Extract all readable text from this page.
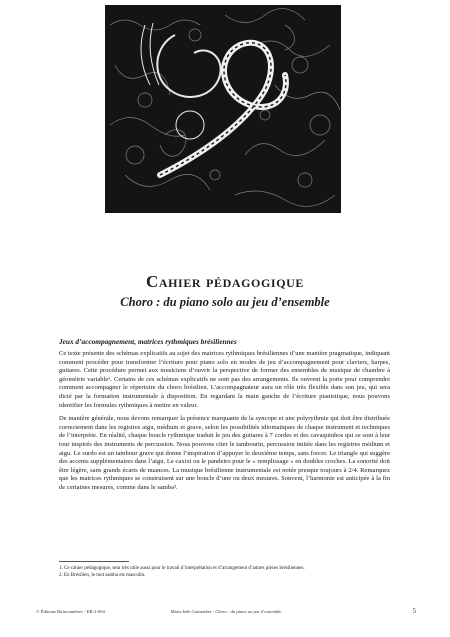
Cahier pédagogique
Choro : du piano solo au jeu d’ensemble
Jeux d’accompagnement, matrices rythmiques brésiliennes

Ce texte présente des schémas explicatifs au sujet des matrices rythmiques brésiliennes d’une manière pragmatique, indiquant comment procéder pour transformer l’écriture pour piano solo en modes de jeu d’accompagnement pour claviers, harpes, guitares. Cette procédure permet aux musiciens d’ouvrir la perspective de former des ensembles de musique de chambre à géométrie variable¹. Certains de ces schémas explicatifs ne sont pas des arrangements. Ils ouvrent la porte pour comprendre comment accompagner le répertoire du choro brésilien. L’accompagnateur aura un rôle très flexible dans son jeu, qui sera dicté par la formation instrumentale à disposition. En regardant la main gauche de l’écriture pianistique, nous pouvons identifier les formules rythmiques à mettre en valeur.

De manière générale, nous devons remarquer la présence marquante de la syncope et une polyrythmie qui doit être distribuée correctement dans les registres aigu, médium et grave, selon les possibilités idiomatiques de chaque instrument et techniques de l’interprète. En réalité, chaque boucle rythmique traduit le jeu des guitares à 7 cordes et des cavaquinhos qui se sont à leur tour inspirés des instruments de percussion. Nous pouvons citer le tambourin, percussion imitée dans les registres médium et aigu. Le surdo est un tambour grave qui donne l’inspiration d’appuyer le deuxième temps, sans forcer. Le triangle qui suggère des accents supplémentaires dans l’aigu. Le caxixi ou le pandeiro pour le « remplissage » en doubles croches. La sonorité doit être légère, sans grands écarts de nuances. La musique brésilienne instrumentale est notée presque toujours à 2/4. Remarquez que les matrices rythmiques se construisent sur une boucle d’une ou deux mesures. Souvent, l’harmonie est anticipée à la fin de certaines mesures, comme dans le samba².

1. Ce cahier pédagogique, sera très utile aussi pour le travail d’interprétation et d’arrangement d’autres pièces brésiliennes.
2. En Brésilien, le mot samba est masculin.
© Éditions Buissonnières - EB-2-604	Maria Inês Guimarães - Choro : du piano au jeu d’ensemble	5
